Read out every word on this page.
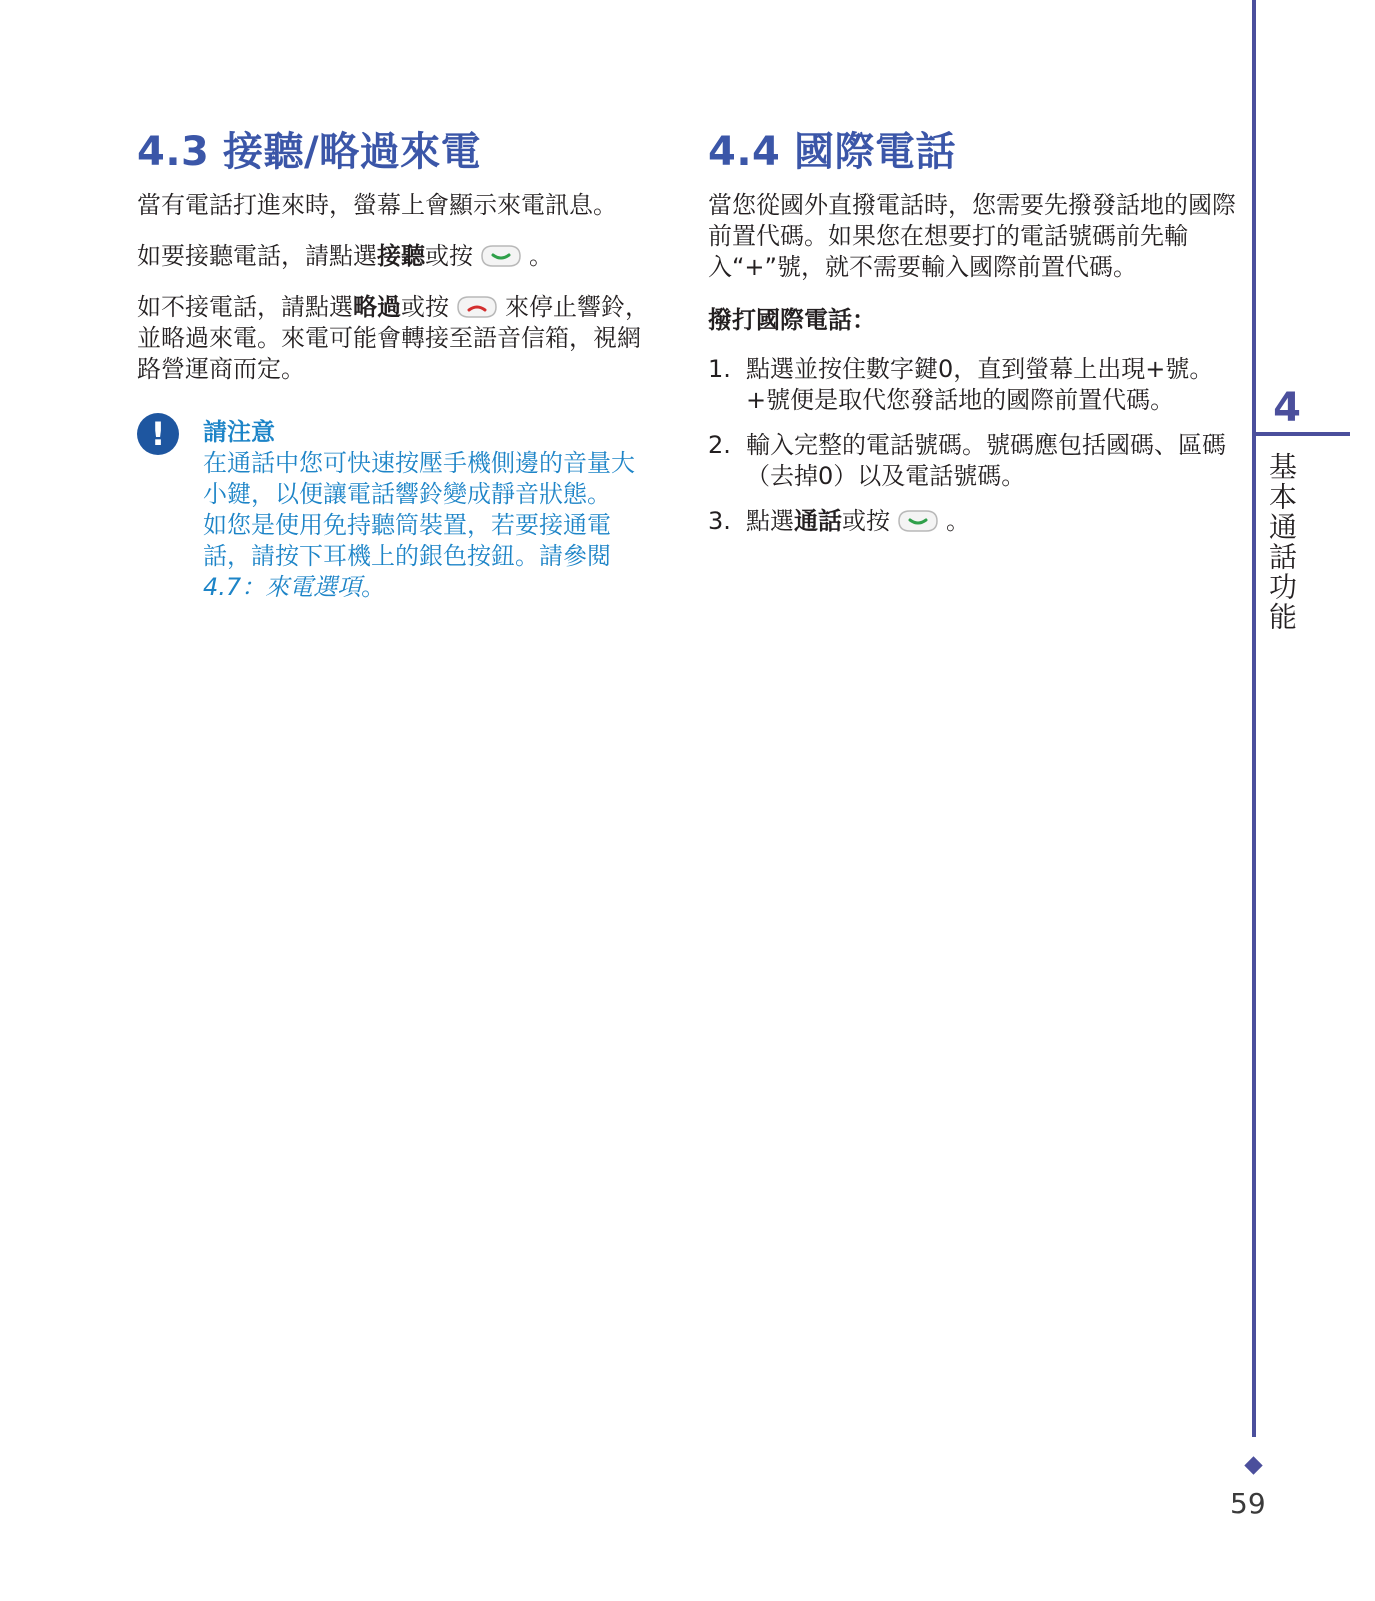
4.3 接聽/略過來電

當有電話打進來時，螢幕上會顯示來電訊息。

如要接聽電話，請點選接聽或按 。

如不接電話，請點選略過或按 來停止響鈴，並略過來電。來電可能會轉接至語音信箱，視網路營運商而定。

!	請注意

在通話中您可快速按壓手機側邊的音量大小鍵，以便讓電話響鈴變成靜音狀態。

如您是使用免持聽筒裝置，若要接通電話，請按下耳機上的銀色按鈕。請參閱4.7：來電選項。

4.4 國際電話

當您從國外直撥電話時，您需要先撥發話地的國際前置代碼。如果您在想要打的電話號碼前先輸入“+”號，就不需要輸入國際前置代碼。

撥打國際電話：
1. 點選並按住數字鍵0，直到螢幕上出現+號。+號便是取代您發話地的國際前置代碼。
2. 輸入完整的電話號碼。號碼應包括國碼、區碼（去掉0）以及電話號碼。
3. 點選通話或按 。
4
基本通話功能
59
